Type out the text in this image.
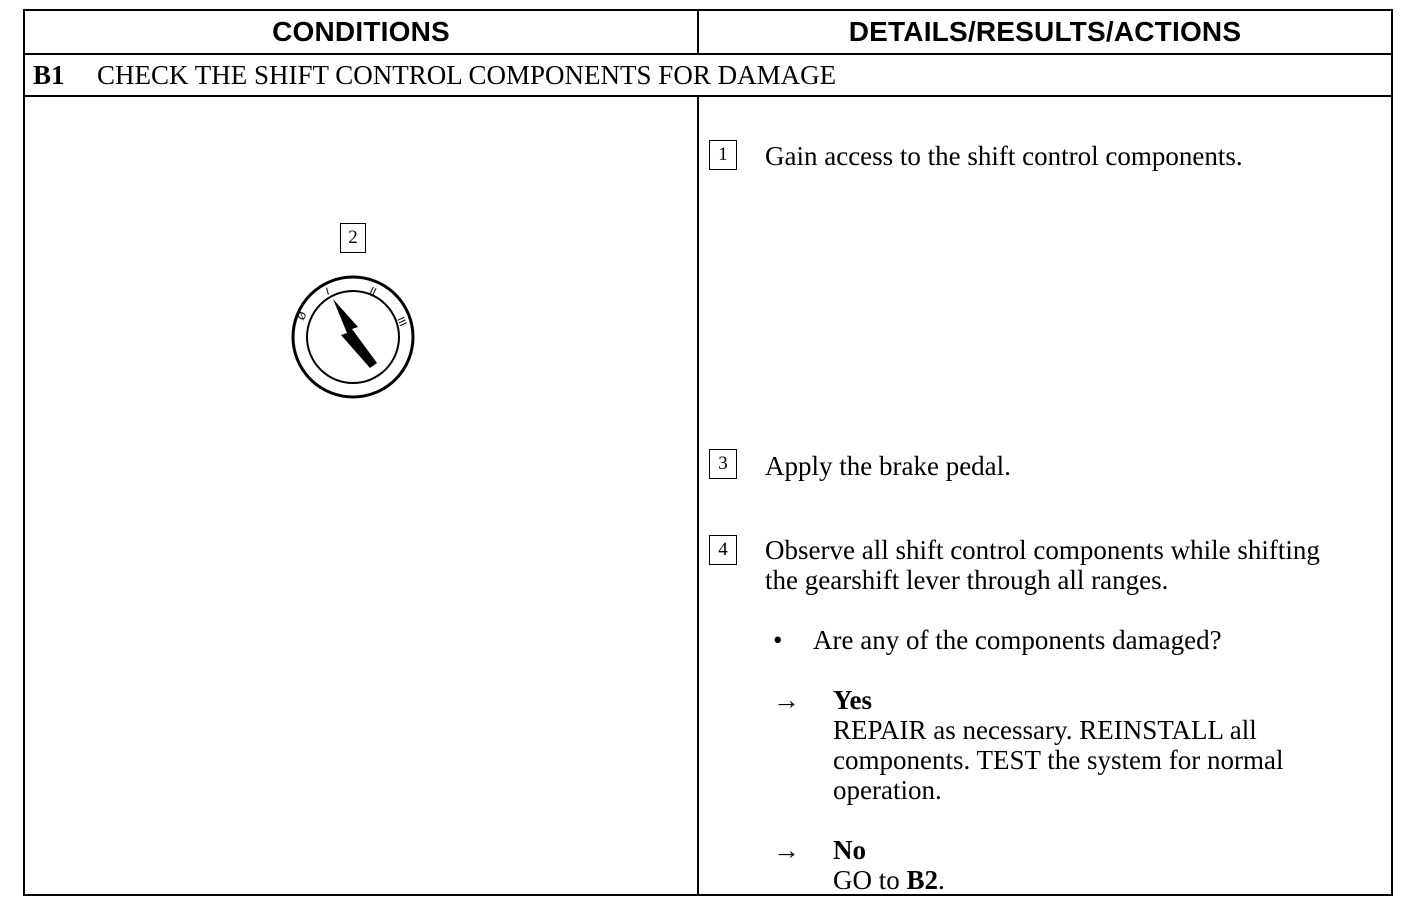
CONDITIONS	DETAILS/RESULTS/ACTIONS
B1	CHECK THE SHIFT CONTROL COMPONENTS FOR DAMAGE
2
Ø
I	II
III
1	Gain access to the shift control components.
3	Apply the brake pedal.
4	Observe all shift control components while shifting
the gearshift lever through all ranges.
• Are any of the components damaged?
→ Yes
REPAIR as necessary. REINSTALL all
components. TEST the system for normal
operation.
→ No
GO to B2.
